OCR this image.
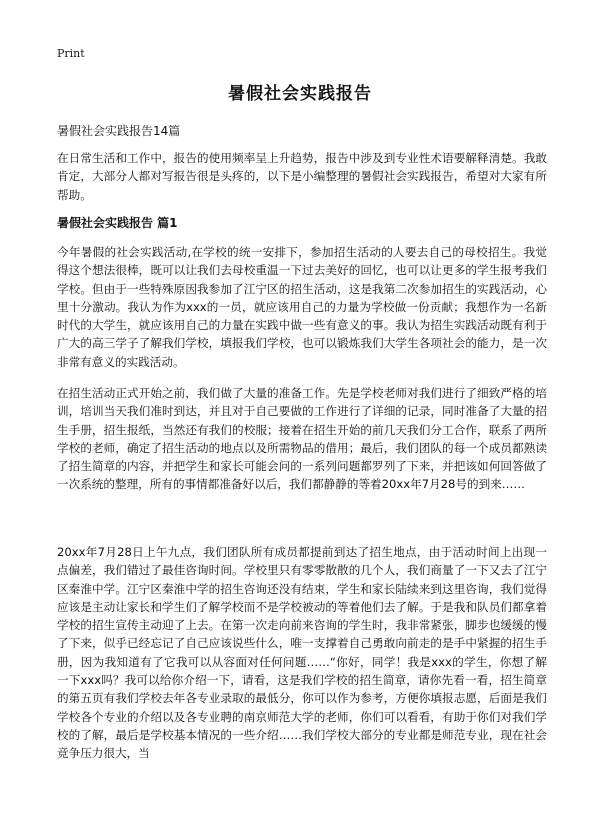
Print
暑假社会实践报告
暑假社会实践报告14篇

在日常生活和工作中，报告的使用频率呈上升趋势，报告中涉及到专业性术语要解释清楚。我敢肯定，大部分人都对写报告很是头疼的，以下是小编整理的暑假社会实践报告，希望对大家有所帮助。

暑假社会实践报告 篇1

今年暑假的社会实践活动,在学校的统一安排下，参加招生活动的人要去自己的母校招生。我觉得这个想法很棒，既可以让我们去母校重温一下过去美好的回忆，也可以让更多的学生报考我们学校。但由于一些特殊原因我参加了江宁区的招生活动，这是我第二次参加招生的实践活动，心里十分激动。我认为作为xxx的一员，就应该用自己的力量为学校做一份贡献；我想作为一名新时代的大学生，就应该用自己的力量在实践中做一些有意义的事。我认为招生实践活动既有利于广大的高三学子了解我们学校，填报我们学校，也可以锻炼我们大学生各项社会的能力，是一次非常有意义的实践活动。

在招生活动正式开始之前，我们做了大量的准备工作。先是学校老师对我们进行了细致严格的培训，培训当天我们准时到达，并且对于自己要做的工作进行了详细的记录，同时准备了大量的招生手册，招生报纸，当然还有我们的校服；接着在招生开始的前几天我们分工合作，联系了两所学校的老师，确定了招生活动的地点以及所需物品的借用；最后，我们团队的每一个成员都熟读了招生简章的内容，并把学生和家长可能会问的一系列问题都罗列了下来，并把该如何回答做了一次系统的整理，所有的事情都准备好以后，我们都静静的等着20xx年7月28号的到来……

20xx年7月28日上午九点，我们团队所有成员都提前到达了招生地点，由于活动时间上出现一点偏差，我们错过了最佳咨询时间。学校里只有零零散散的几个人，我们商量了一下又去了江宁区秦淮中学。江宁区秦淮中学的招生咨询还没有结束，学生和家长陆续来到这里咨询，我们觉得应该是主动让家长和学生们了解学校而不是学校被动的等着他们去了解。于是我和队员们都拿着学校的招生宣传主动迎了上去。在第一次走向前来咨询的学生时，我非常紧张，脚步也缓缓的慢了下来，似乎已经忘记了自己应该说些什么，唯一支撑着自己勇敢向前走的是手中紧握的招生手册，因为我知道有了它我可以从容面对任何问题……“你好，同学！我是xxx的学生，你想了解一下xxx吗？我可以给你介绍一下，请看，这是我们学校的招生简章，请你先看一看，招生简章的第五页有我们学校去年各专业录取的最低分，你可以作为参考，方便你填报志愿，后面是我们学校各个专业的介绍以及各专业聘的南京师范大学的老师，你们可以看看，有助于你们对我们学校的了解，最后是学校基本情况的一些介绍……我们学校大部分的专业都是师范专业，现在社会竞争压力很大，当
